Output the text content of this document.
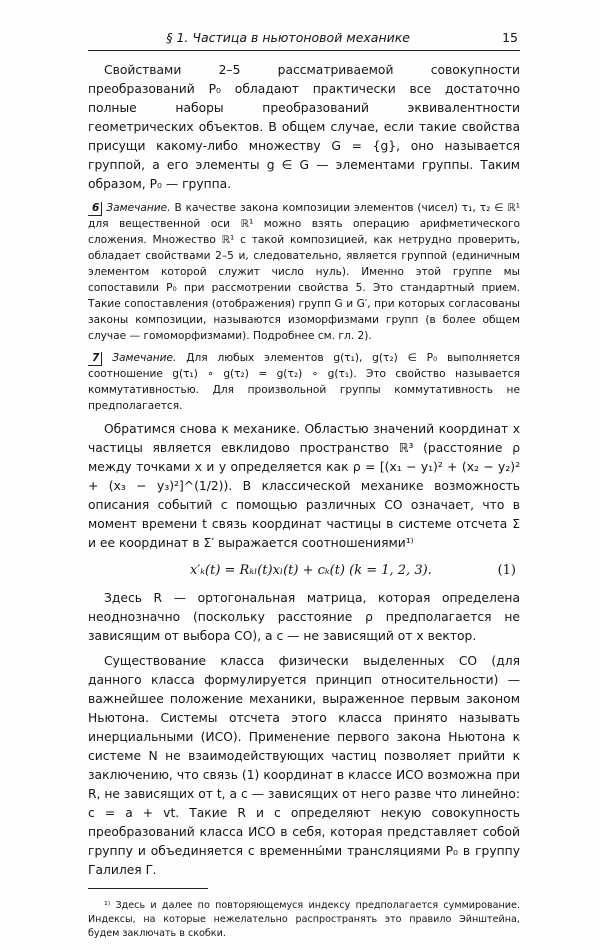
§ 1. Частица в ньютоновой механике	15

Свойствами 2–5 рассматриваемой совокупности преобразований P₀ обладают практически все достаточно полные наборы преобразований эквивалентности геометрических объектов. В общем случае, если такие свойства присущи какому-либо множеству G = {g}, оно называется группой, а его элементы g ∈ G — элементами группы. Таким образом, P₀ — группа.

6 Замечание. В качестве закона композиции элементов (чисел) τ₁, τ₂ ∈ ℝ¹ для вещественной оси ℝ¹ можно взять операцию арифметического сложения. Множество ℝ¹ с такой композицией, как нетрудно проверить, обладает свойствами 2–5 и, следовательно, является группой (единичным элементом которой служит число нуль). Именно этой группе мы сопоставили P₀ при рассмотрении свойства 5. Это стандартный прием. Такие сопоставления (отображения) групп G и G′, при которых согласованы законы композиции, называются изоморфизмами групп (в более общем случае — гомоморфизмами). Подробнее см. гл. 2).
7 Замечание. Для любых элементов g(τ₁), g(τ₂) ∈ P₀ выполняется соотношение g(τ₁) ∘ g(τ₂) = g(τ₂) ∘ g(τ₁). Это свойство называется коммутативностью. Для произвольной группы коммутативность не предполагается.

Обратимся снова к механике. Областью значений координат x частицы является евклидово пространство ℝ³ (расстояние ρ между точками x и y определяется как ρ = [(x₁ − y₁)² + (x₂ − y₂)² + (x₃ − y₃)²]^(1/2)). В классической механике возможность описания событий с помощью различных СО означает, что в момент времени t связь координат частицы в системе отсчета Σ и ее координат в Σ′ выражается соотношениями¹⁾

x′ₖ(t) = Rₖₗ(t)xₗ(t) + cₖ(t) (k = 1, 2, 3).	(1)

Здесь R — ортогональная матрица, которая определена неоднозначно (поскольку расстояние ρ предполагается не зависящим от выбора СО), а c — не зависящий от x вектор.

Существование класса физически выделенных СО (для данного класса формулируется принцип относительности) — важнейшее положение механики, выраженное первым законом Ньютона. Системы отсчета этого класса принято называть инерциальными (ИСО). Применение первого закона Ньютона к системе N не взаимодействующих частиц позволяет прийти к заключению, что связь (1) координат в классе ИСО возможна при R, не зависящих от t, а c — зависящих от него разве что линейно: c = a + vt. Такие R и c определяют некую совокупность преобразований класса ИСО в себя, которая представляет собой группу и объединяется с временны́ми трансляциями P₀ в группу Галилея Γ.

¹⁾ Здесь и далее по повторяющемуся индексу предполагается суммирование. Индексы, на которые нежелательно распространять это правило Эйнштейна, будем заключать в скобки.
